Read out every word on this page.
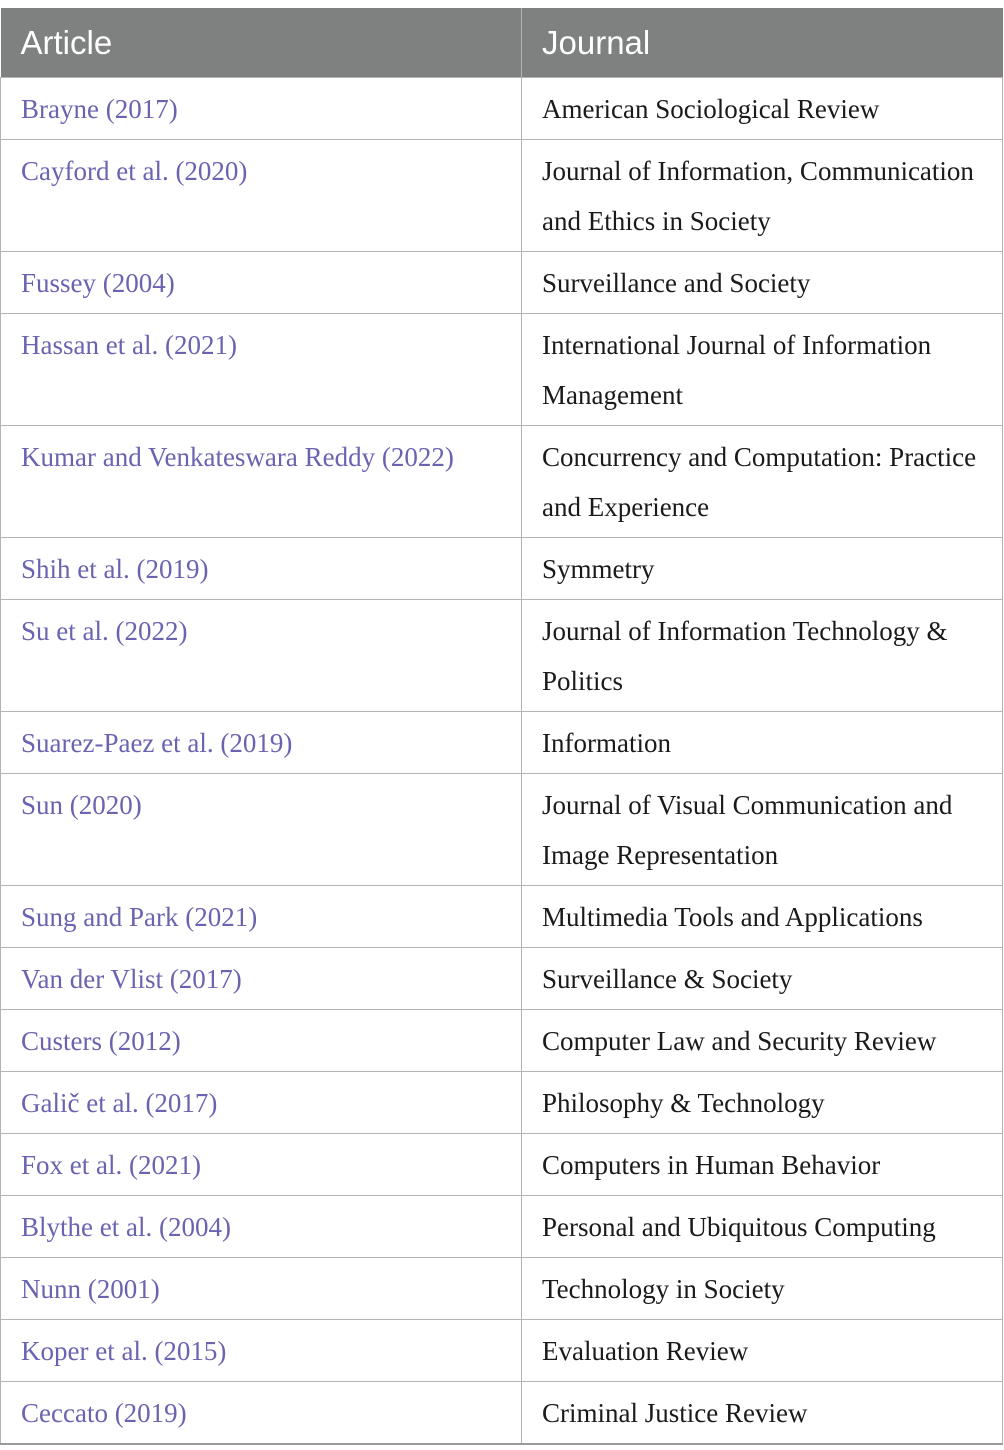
Article	Journal
Brayne (2017)	American Sociological Review
Cayford et al. (2020)	Journal of Information, Communication and Ethics in Society
Fussey (2004)	Surveillance and Society
Hassan et al. (2021)	International Journal of Information Management
Kumar and Venkateswara Reddy (2022)	Concurrency and Computation: Practice and Experience
Shih et al. (2019)	Symmetry
Su et al. (2022)	Journal of Information Technology & Politics
Suarez-Paez et al. (2019)	Information
Sun (2020)	Journal of Visual Communication and Image Representation
Sung and Park (2021)	Multimedia Tools and Applications
Van der Vlist (2017)	Surveillance & Society
Custers (2012)	Computer Law and Security Review
Galič et al. (2017)	Philosophy & Technology
Fox et al. (2021)	Computers in Human Behavior
Blythe et al. (2004)	Personal and Ubiquitous Computing
Nunn (2001)	Technology in Society
Koper et al. (2015)	Evaluation Review
Ceccato (2019)	Criminal Justice Review
